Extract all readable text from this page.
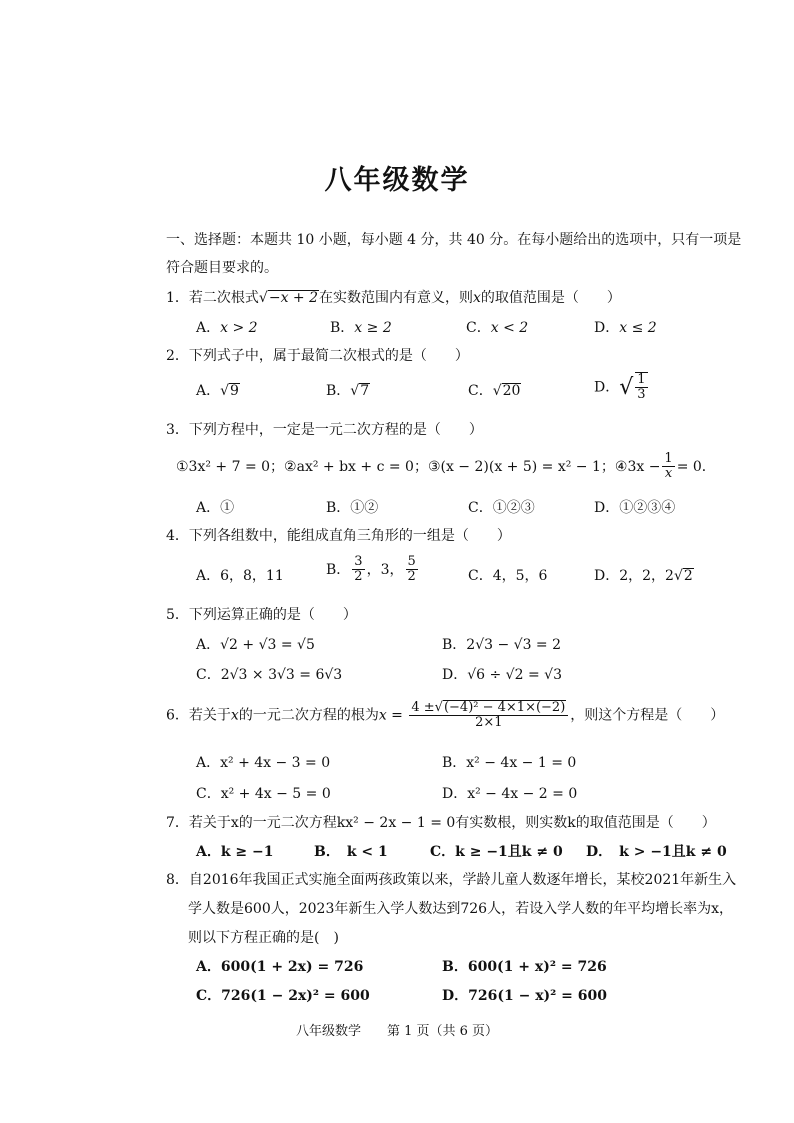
八年级数学
一、选择题：本题共 10 小题，每小题 4 分，共 40 分。在每小题给出的选项中，只有一项是
符合题目要求的。
1．若二次根式√−x + 2在实数范围内有意义，则x的取值范围是（　　）
A．x > 2	B．x ≥ 2	C．x < 2	D．x ≤ 2
2．下列式子中，属于最简二次根式的是（　　）
A．√9	B．√7	C．√20	D．√ $\frac{1}{3}$
3．下列方程中，一定是一元二次方程的是（　　）
①3x² + 7 = 0；②ax² + bx + c = 0；③(x − 2)(x + 5) = x² − 1；④3x − $\frac{1}{x} = 0$．
A．①	B．①②	C．①②③	D．①②③④
4．下列各组数中，能组成直角三角形的一组是（　　）
A．6，8，11	B． $\frac{3}{2}$ ，3， $\frac{5}{2}$	C．4，5，6	D．2，2，2√2
5．下列运算正确的是（　　）
A．√2 + √3 = √5	B．2√3 − √3 = 2
C．2√3 × 3√3 = 6√3	D．√6 ÷ √2 = √3
6．若关于x的一元二次方程的根为$x = \frac{\text{4 ±√(−4)² − 4×1×(−2)}}{2\times 1}$ ，则这个方程是（　　）
A．x² + 4x − 3 = 0	B．x² − 4x − 1 = 0
C．x² + 4x − 5 = 0	D．x² − 4x − 2 = 0
7．若关于x的一元二次方程kx² − 2x − 1 = 0有实数根，则实数k的取值范围是（　　）
A．k ≥ −1	B．　k < 1	C．k ≥ −1且k ≠ 0 D．　k > −1且k ≠ 0
8．自2016年我国正式实施全面两孩政策以来，学龄儿童人数逐年增长，某校2021年新生入
学人数是600人，2023年新生入学人数达到726人，若设入学人数的年平均增长率为x，
则以下方程正确的是(　)
A．600(1 + 2x) = 726	B．600(1 + x)² = 726
C．726(1 − 2x)² = 600	D．726(1 − x)² = 600
八年级数学　　第 1 页（共 6 页）
